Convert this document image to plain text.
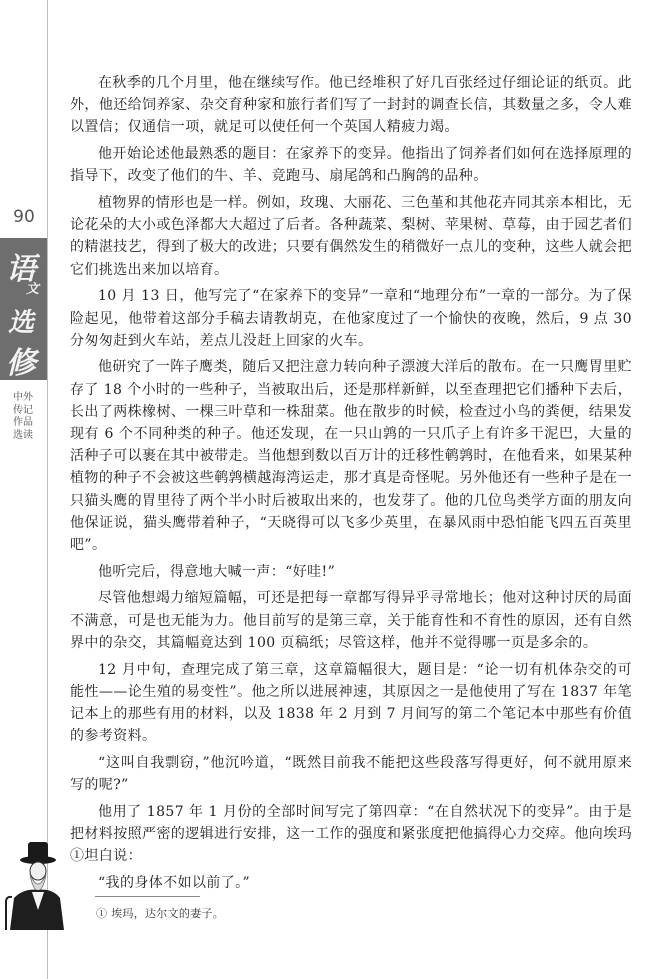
90
语
文
选
修
中外传记作品选读

在秋季的几个月里，他在继续写作。他已经堆积了好几百张经过仔细论证的纸页。此外，他还给饲养家、杂交育种家和旅行者们写了一封封的调查长信，其数量之多，令人难以置信；仅通信一项，就足可以使任何一个英国人精疲力竭。

他开始论述他最熟悉的题目：在家养下的变异。他指出了饲养者们如何在选择原理的指导下，改变了他们的牛、羊、竞跑马、扇尾鸽和凸胸鸽的品种。

植物界的情形也是一样。例如，玫瑰、大丽花、三色堇和其他花卉同其亲本相比，无论花朵的大小或色泽都大大超过了后者。各种蔬菜、梨树、苹果树、草莓，由于园艺者们的精湛技艺，得到了极大的改进；只要有偶然发生的稍微好一点儿的变种，这些人就会把它们挑选出来加以培育。

10 月 13 日，他写完了“在家养下的变异”一章和“地理分布”一章的一部分。为了保险起见，他带着这部分手稿去请教胡克，在他家度过了一个愉快的夜晚，然后，9 点 30 分匆匆赶到火车站，差点儿没赶上回家的火车。

他研究了一阵子鹰类，随后又把注意力转向种子漂渡大洋后的散布。在一只鹰胃里贮存了 18 个小时的一些种子，当被取出后，还是那样新鲜，以至查理把它们播种下去后，长出了两株橡树、一棵三叶草和一株甜菜。他在散步的时候，检查过小鸟的粪便，结果发现有 6 个不同种类的种子。他还发现，在一只山鹑的一只爪子上有许多干泥巴，大量的活种子可以裹在其中被带走。当他想到数以百万计的迁移性鹌鹑时，在他看来，如果某种植物的种子不会被这些鹌鹑横越海湾运走，那才真是奇怪呢。另外他还有一些种子是在一只猫头鹰的胃里待了两个半小时后被取出来的，也发芽了。他的几位鸟类学方面的朋友向他保证说，猫头鹰带着种子，“天晓得可以飞多少英里，在暴风雨中恐怕能飞四五百英里吧”。

他听完后，得意地大喊一声：“好哇!”

尽管他想竭力缩短篇幅，可还是把每一章都写得异乎寻常地长；他对这种讨厌的局面不满意，可是也无能为力。他目前写的是第三章，关于能育性和不育性的原因，还有自然界中的杂交，其篇幅竟达到 100 页稿纸；尽管这样，他并不觉得哪一页是多余的。

12 月中旬，查理完成了第三章，这章篇幅很大，题目是：“论一切有机体杂交的可能性——论生殖的易变性”。他之所以进展神速，其原因之一是他使用了写在 1837 年笔记本上的那些有用的材料，以及 1838 年 2 月到 7 月间写的第二个笔记本中那些有价值的参考资料。

“这叫自我剽窃，”他沉吟道，“既然目前我不能把这些段落写得更好，何不就用原来写的呢?”

他用了 1857 年 1 月份的全部时间写完了第四章：“在自然状况下的变异”。由于是把材料按照严密的逻辑进行安排，这一工作的强度和紧张度把他搞得心力交瘁。他向埃玛①坦白说：

“我的身体不如以前了。”

① 埃玛，达尔文的妻子。
